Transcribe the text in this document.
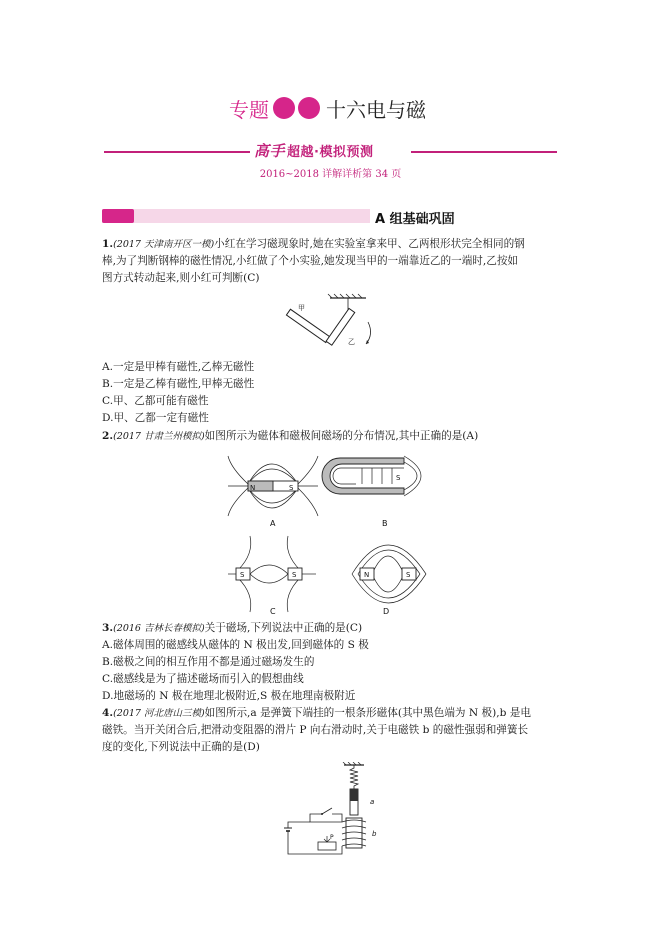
专题	十六电与磁
高手 超越·模拟预测
2016~2018 详解详析第 34 页
A 组基础巩固
1.(2017 天津南开区一模)小红在学习磁现象时,她在实验室拿来甲、乙两根形状完全相同的钢
棒,为了判断钢棒的磁性情况,小红做了个小实验,她发现当甲的一端靠近乙的一端时,乙按如
图方式转动起来,则小红可判断(C)
甲
乙
A.一定是甲棒有磁性,乙棒无磁性
B.一定是乙棒有磁性,甲棒无磁性
C.甲、乙都可能有磁性
D.甲、乙都一定有磁性
2.(2017 甘肃兰州模拟)如图所示为磁体和磁极间磁场的分布情况,其中正确的是(A)
N	S
S
S	S	N	S
A	B
C	D
3.(2016 吉林长春模拟)关于磁场,下列说法中正确的是(C)
A.磁体周围的磁感线从磁体的 N 极出发,回到磁体的 S 极
B.磁极之间的相互作用不都是通过磁场发生的
C.磁感线是为了描述磁场而引入的假想曲线
D.地磁场的 N 极在地理北极附近,S 极在地理南极附近
4.(2017 河北唐山三模)如图所示,a 是弹簧下端挂的一根条形磁体(其中黑色端为 N 极),b 是电
磁铁。当开关闭合后,把滑动变阻器的滑片 P 向右滑动时,关于电磁铁 b 的磁性强弱和弹簧长
度的变化,下列说法中正确的是(D)
a
b
P
